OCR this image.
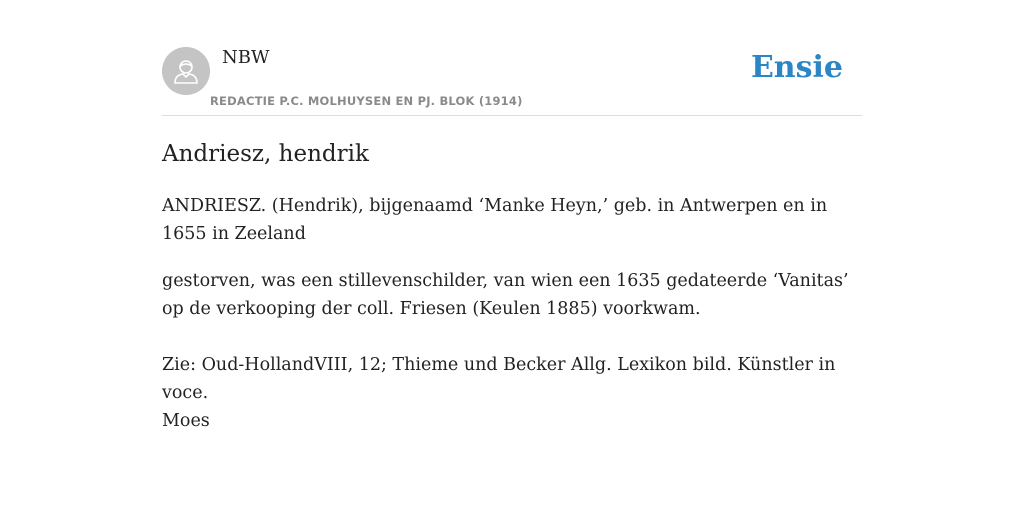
NBW
REDACTIE P.C. MOLHUYSEN EN PJ. BLOK (1914)
Ensie
Andriesz, hendrik

ANDRIESZ. (Hendrik), bijgenaamd ‘Manke Heyn,’ geb. in Antwerpen en in 1655 in Zeeland

gestorven, was een stillevenschilder, van wien een 1635 gedateerde ‘Vanitas’ op de verkooping der coll. Friesen (Keulen 1885) voorkwam.

Zie: Oud-HollandVIII, 12; Thieme und Becker Allg. Lexikon bild. Künstler in voce.

Moes
